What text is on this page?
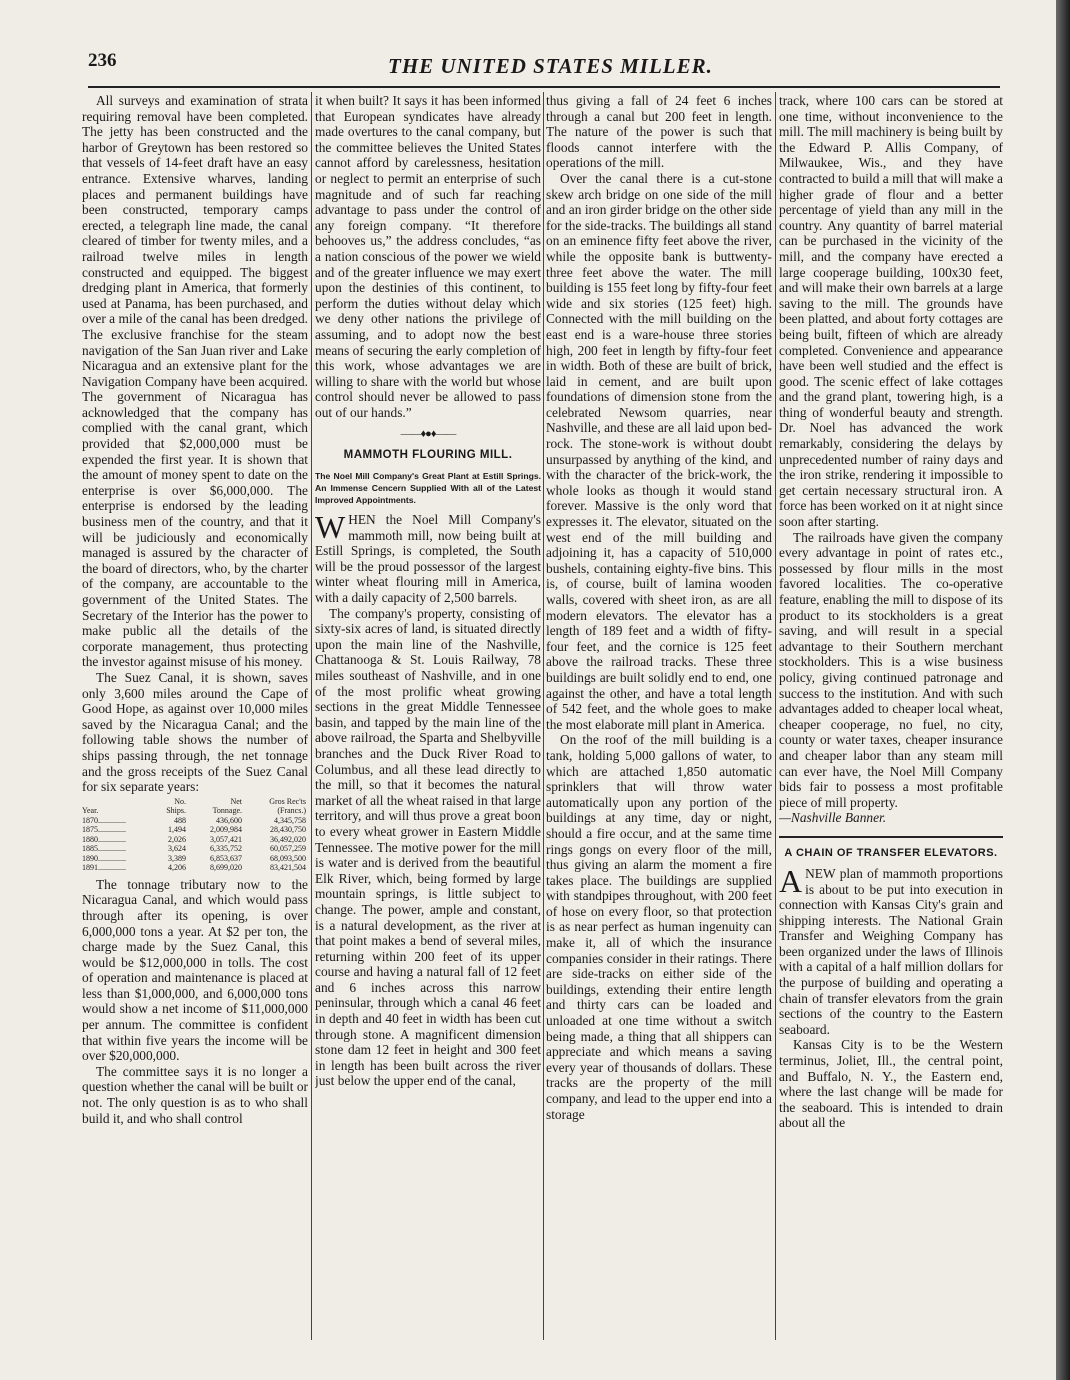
236	THE UNITED STATES MILLER.

All surveys and examination of strata requiring removal have been completed. The jetty has been constructed and the harbor of Greytown has been restored so that vessels of 14-feet draft have an easy entrance. Extensive wharves, landing places and permanent buildings have been constructed, temporary camps erected, a telegraph line made, the canal cleared of timber for twenty miles, and a railroad twelve miles in length constructed and equipped. The biggest dredging plant in America, that formerly used at Panama, has been purchased, and over a mile of the canal has been dredged. The exclusive franchise for the steam navigation of the San Juan river and Lake Nicaragua and an extensive plant for the Navigation Company have been acquired. The government of Nicaragua has acknowledged that the company has complied with the canal grant, which provided that $2,000,000 must be expended the first year. It is shown that the amount of money spent to date on the enterprise is over $6,000,000. The enterprise is endorsed by the leading business men of the country, and that it will be judiciously and economically managed is assured by the character of the board of directors, who, by the charter of the company, are accountable to the government of the United States. The Secretary of the Interior has the power to make public all the details of the corporate management, thus protecting the investor against misuse of his money.

The Suez Canal, it is shown, saves only 3,600 miles around the Cape of Good Hope, as against over 10,000 miles saved by the Nicaragua Canal; and the following table shows the number of ships passing through, the net tonnage and the gross receipts of the Suez Canal for six separate years:

No.	Net	Gros Rec'ts
Year.	Ships.	Tonnage.	(Francs.)
1870..............	488	436,600	4,345,758
1875..............	1,494	2,009,984	28,430,750
1880..............	2,026	3,057,421	36,492,020
1885..............	3,624	6,335,752	60,057,259
1890..............	3,389	6,853,637	68,093,500
1891..............	4,206	8,699,020	83,421,504

The tonnage tributary now to the Nicaragua Canal, and which would pass through after its opening, is over 6,000,000 tons a year. At $2 per ton, the charge made by the Suez Canal, this would be $12,000,000 in tolls. The cost of operation and maintenance is placed at less than $1,000,000, and 6,000,000 tons would show a net income of $11,000,000 per annum. The committee is confident that within five years the income will be over $20,000,000.

The committee says it is no longer a question whether the canal will be built or not. The only question is as to who shall build it, and who shall control

it when built? It says it has been informed that European syndicates have already made overtures to the canal company, but the committee believes the United States cannot afford by carelessness, hesitation or neglect to permit an enterprise of such magnitude and of such far reaching advantage to pass under the control of any foreign company. “It therefore behooves us,” the address concludes, “as a nation conscious of the power we wield and of the greater influence we may exert upon the destinies of this continent, to perform the duties without delay which we deny other nations the privilege of assuming, and to adopt now the best means of securing the early completion of this work, whose advantages we are willing to share with the world but whose control should never be allowed to pass out of our hands.”

——♦●♦——
MAMMOTH FLOURING MILL.
The Noel Mill Company's Great Plant at Estill Springs. An Immense Cencern Supplied With all of the Latest Improved Appointments.

WHEN the Noel Mill Company's mammoth mill, now being built at Estill Springs, is completed, the South will be the proud possessor of the largest winter wheat flouring mill in America, with a daily capacity of 2,500 barrels.

The company's property, consisting of sixty-six acres of land, is situated directly upon the main line of the Nashville, Chattanooga & St. Louis Railway, 78 miles southeast of Nashville, and in one of the most prolific wheat growing sections in the great Middle Tennessee basin, and tapped by the main line of the above railroad, the Sparta and Shelbyville branches and the Duck River Road to Columbus, and all these lead directly to the mill, so that it becomes the natural market of all the wheat raised in that large territory, and will thus prove a great boon to every wheat grower in Eastern Middle Tennessee. The motive power for the mill is water and is derived from the beautiful Elk River, which, being formed by large mountain springs, is little subject to change. The power, ample and constant, is a natural development, as the river at that point makes a bend of several miles, returning within 200 feet of its upper course and having a natural fall of 12 feet and 6 inches across this narrow peninsular, through which a canal 46 feet in depth and 40 feet in width has been cut through stone. A magnificent dimension stone dam 12 feet in height and 300 feet in length has been built across the river just below the upper end of the canal,

thus giving a fall of 24 feet 6 inches through a canal but 200 feet in length. The nature of the power is such that floods cannot interfere with the operations of the mill.

Over the canal there is a cut-stone skew arch bridge on one side of the mill and an iron girder bridge on the other side for the side-tracks. The buildings all stand on an eminence fifty feet above the river, while the opposite bank is buttwenty-three feet above the water. The mill building is 155 feet long by fifty-four feet wide and six stories (125 feet) high. Connected with the mill building on the east end is a ware-house three stories high, 200 feet in length by fifty-four feet in width. Both of these are built of brick, laid in cement, and are built upon foundations of dimension stone from the celebrated Newsom quarries, near Nashville, and these are all laid upon bed-rock. The stone-work is without doubt unsurpassed by anything of the kind, and with the character of the brick-work, the whole looks as though it would stand forever. Massive is the only word that expresses it. The elevator, situated on the west end of the mill building and adjoining it, has a capacity of 510,000 bushels, containing eighty-five bins. This is, of course, built of lamina wooden walls, covered with sheet iron, as are all modern elevators. The elevator has a length of 189 feet and a width of fifty-four feet, and the cornice is 125 feet above the railroad tracks. These three buildings are built solidly end to end, one against the other, and have a total length of 542 feet, and the whole goes to make the most elaborate mill plant in America.

On the roof of the mill building is a tank, holding 5,000 gallons of water, to which are attached 1,850 automatic sprinklers that will throw water automatically upon any portion of the buildings at any time, day or night, should a fire occur, and at the same time rings gongs on every floor of the mill, thus giving an alarm the moment a fire takes place. The buildings are supplied with standpipes throughout, with 200 feet of hose on every floor, so that protection is as near perfect as human ingenuity can make it, all of which the insurance companies consider in their ratings. There are side-tracks on either side of the buildings, extending their entire length and thirty cars can be loaded and unloaded at one time without a switch being made, a thing that all shippers can appreciate and which means a saving every year of thousands of dollars. These tracks are the property of the mill company, and lead to the upper end into a storage

track, where 100 cars can be stored at one time, without inconvenience to the mill. The mill machinery is being built by the Edward P. Allis Company, of Milwaukee, Wis., and they have contracted to build a mill that will make a higher grade of flour and a better percentage of yield than any mill in the country. Any quantity of barrel material can be purchased in the vicinity of the mill, and the company have erected a large cooperage building, 100x30 feet, and will make their own barrels at a large saving to the mill. The grounds have been platted, and about forty cottages are being built, fifteen of which are already completed. Convenience and appearance have been well studied and the effect is good. The scenic effect of lake cottages and the grand plant, towering high, is a thing of wonderful beauty and strength. Dr. Noel has advanced the work remarkably, considering the delays by unprecedented number of rainy days and the iron strike, rendering it impossible to get certain necessary structural iron. A force has been worked on it at night since soon after starting.

The railroads have given the company every advantage in point of rates etc., possessed by flour mills in the most favored localities. The co-operative feature, enabling the mill to dispose of its product to its stockholders is a great saving, and will result in a special advantage to their Southern merchant stockholders. This is a wise business policy, giving continued patronage and success to the institution. And with such advantages added to cheaper local wheat, cheaper cooperage, no fuel, no city, county or water taxes, cheaper insurance and cheaper labor than any steam mill can ever have, the Noel Mill Company bids fair to possess a most profitable piece of mill property.

—Nashville Banner.

A CHAIN OF TRANSFER ELEVATORS.

ANEW plan of mammoth proportions is about to be put into execution in connection with Kansas City's grain and shipping interests. The National Grain Transfer and Weighing Company has been organized under the laws of Illinois with a capital of a half million dollars for the purpose of building and operating a chain of transfer elevators from the grain sections of the country to the Eastern seaboard.

Kansas City is to be the Western terminus, Joliet, Ill., the central point, and Buffalo, N. Y., the Eastern end, where the last change will be made for the seaboard. This is intended to drain about all the
